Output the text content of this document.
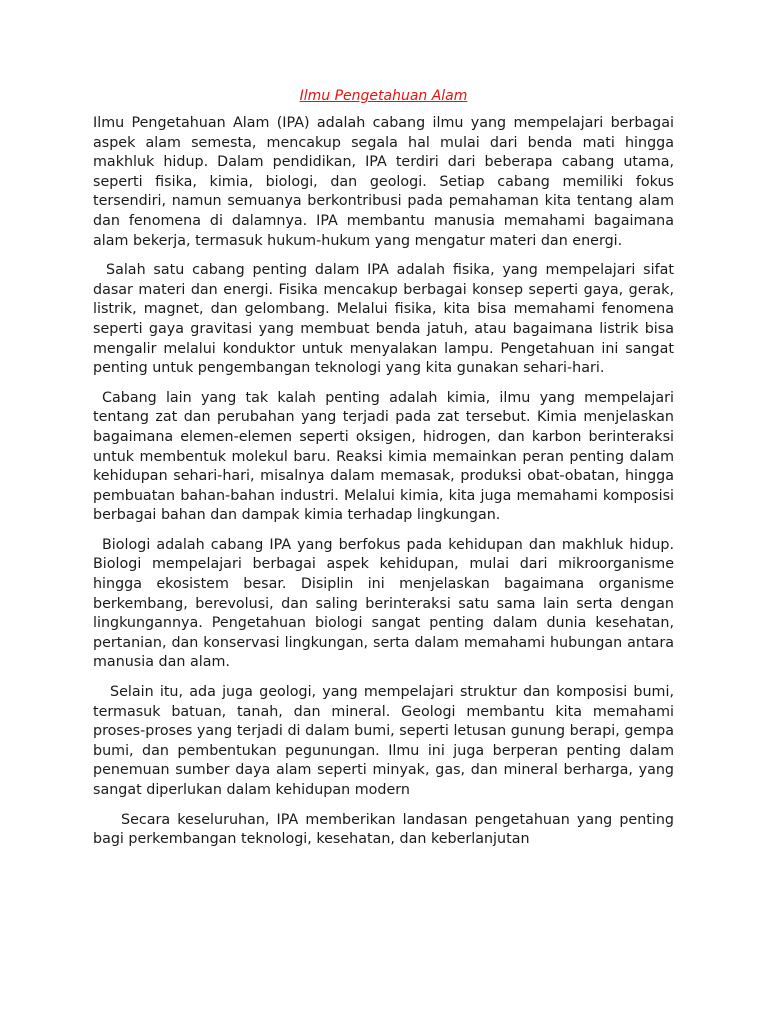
Ilmu Pengetahuan Alam

Ilmu Pengetahuan Alam (IPA) adalah cabang ilmu yang mempelajari berbagai aspek alam semesta, mencakup segala hal mulai dari benda mati hingga makhluk hidup. Dalam pendidikan, IPA terdiri dari beberapa cabang utama, seperti fisika, kimia, biologi, dan geologi. Setiap cabang memiliki fokus tersendiri, namun semuanya berkontribusi pada pemahaman kita tentang alam dan fenomena di dalamnya. IPA membantu manusia memahami bagaimana alam bekerja, termasuk hukum-hukum yang mengatur materi dan energi.

Salah satu cabang penting dalam IPA adalah fisika, yang mempelajari sifat dasar materi dan energi. Fisika mencakup berbagai konsep seperti gaya, gerak, listrik, magnet, dan gelombang. Melalui fisika, kita bisa memahami fenomena seperti gaya gravitasi yang membuat benda jatuh, atau bagaimana listrik bisa mengalir melalui konduktor untuk menyalakan lampu. Pengetahuan ini sangat penting untuk pengembangan teknologi yang kita gunakan sehari-hari.

Cabang lain yang tak kalah penting adalah kimia, ilmu yang mempelajari tentang zat dan perubahan yang terjadi pada zat tersebut. Kimia menjelaskan bagaimana elemen-elemen seperti oksigen, hidrogen, dan karbon berinteraksi untuk membentuk molekul baru. Reaksi kimia memainkan peran penting dalam kehidupan sehari-hari, misalnya dalam memasak, produksi obat-obatan, hingga pembuatan bahan-bahan industri. Melalui kimia, kita juga memahami komposisi berbagai bahan dan dampak kimia terhadap lingkungan.

Biologi adalah cabang IPA yang berfokus pada kehidupan dan makhluk hidup. Biologi mempelajari berbagai aspek kehidupan, mulai dari mikroorganisme hingga ekosistem besar. Disiplin ini menjelaskan bagaimana organisme berkembang, berevolusi, dan saling berinteraksi satu sama lain serta dengan lingkungannya. Pengetahuan biologi sangat penting dalam dunia kesehatan, pertanian, dan konservasi lingkungan, serta dalam memahami hubungan antara manusia dan alam.

Selain itu, ada juga geologi, yang mempelajari struktur dan komposisi bumi, termasuk batuan, tanah, dan mineral. Geologi membantu kita memahami proses-proses yang terjadi di dalam bumi, seperti letusan gunung berapi, gempa bumi, dan pembentukan pegunungan. Ilmu ini juga berperan penting dalam penemuan sumber daya alam seperti minyak, gas, dan mineral berharga, yang sangat diperlukan dalam kehidupan modern

Secara keseluruhan, IPA memberikan landasan pengetahuan yang penting bagi perkembangan teknologi, kesehatan, dan keberlanjutan
